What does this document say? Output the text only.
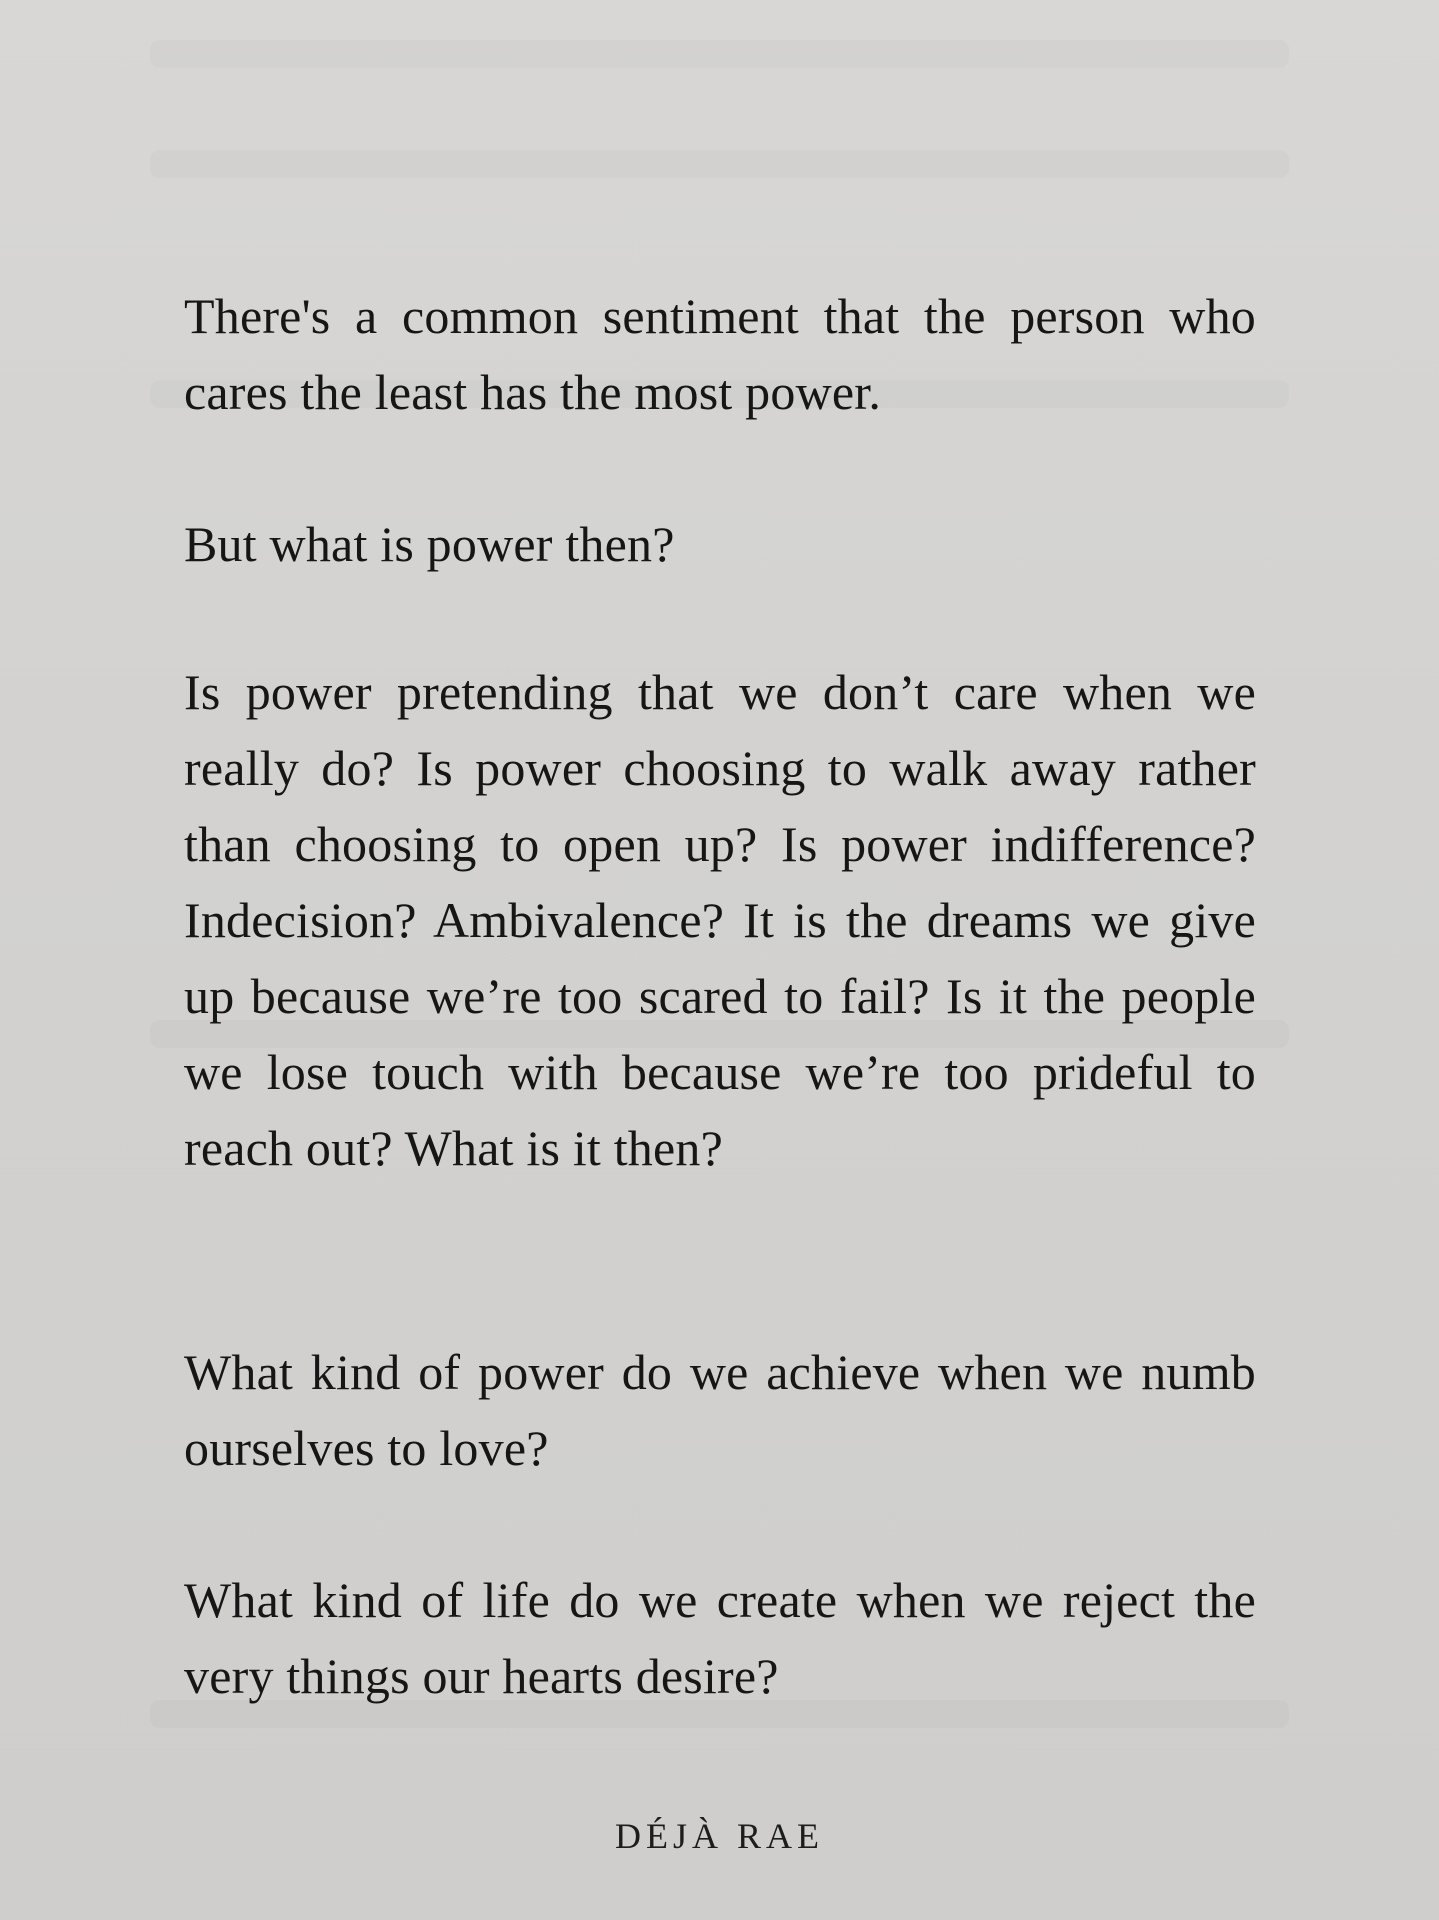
There's a common sentiment that the person who cares the least has the most power.

But what is power then?

Is power pretending that we don’t care when we really do? Is power choosing to walk away rather than choosing to open up? Is power indifference? Indecision? Ambivalence? It is the dreams we give up because we’re too scared to fail? Is it the people we lose touch with because we’re too prideful to reach out? What is it then?

What kind of power do we achieve when we numb ourselves to love?

What kind of life do we create when we reject the very things our hearts desire?

DÉJÀ RAE
